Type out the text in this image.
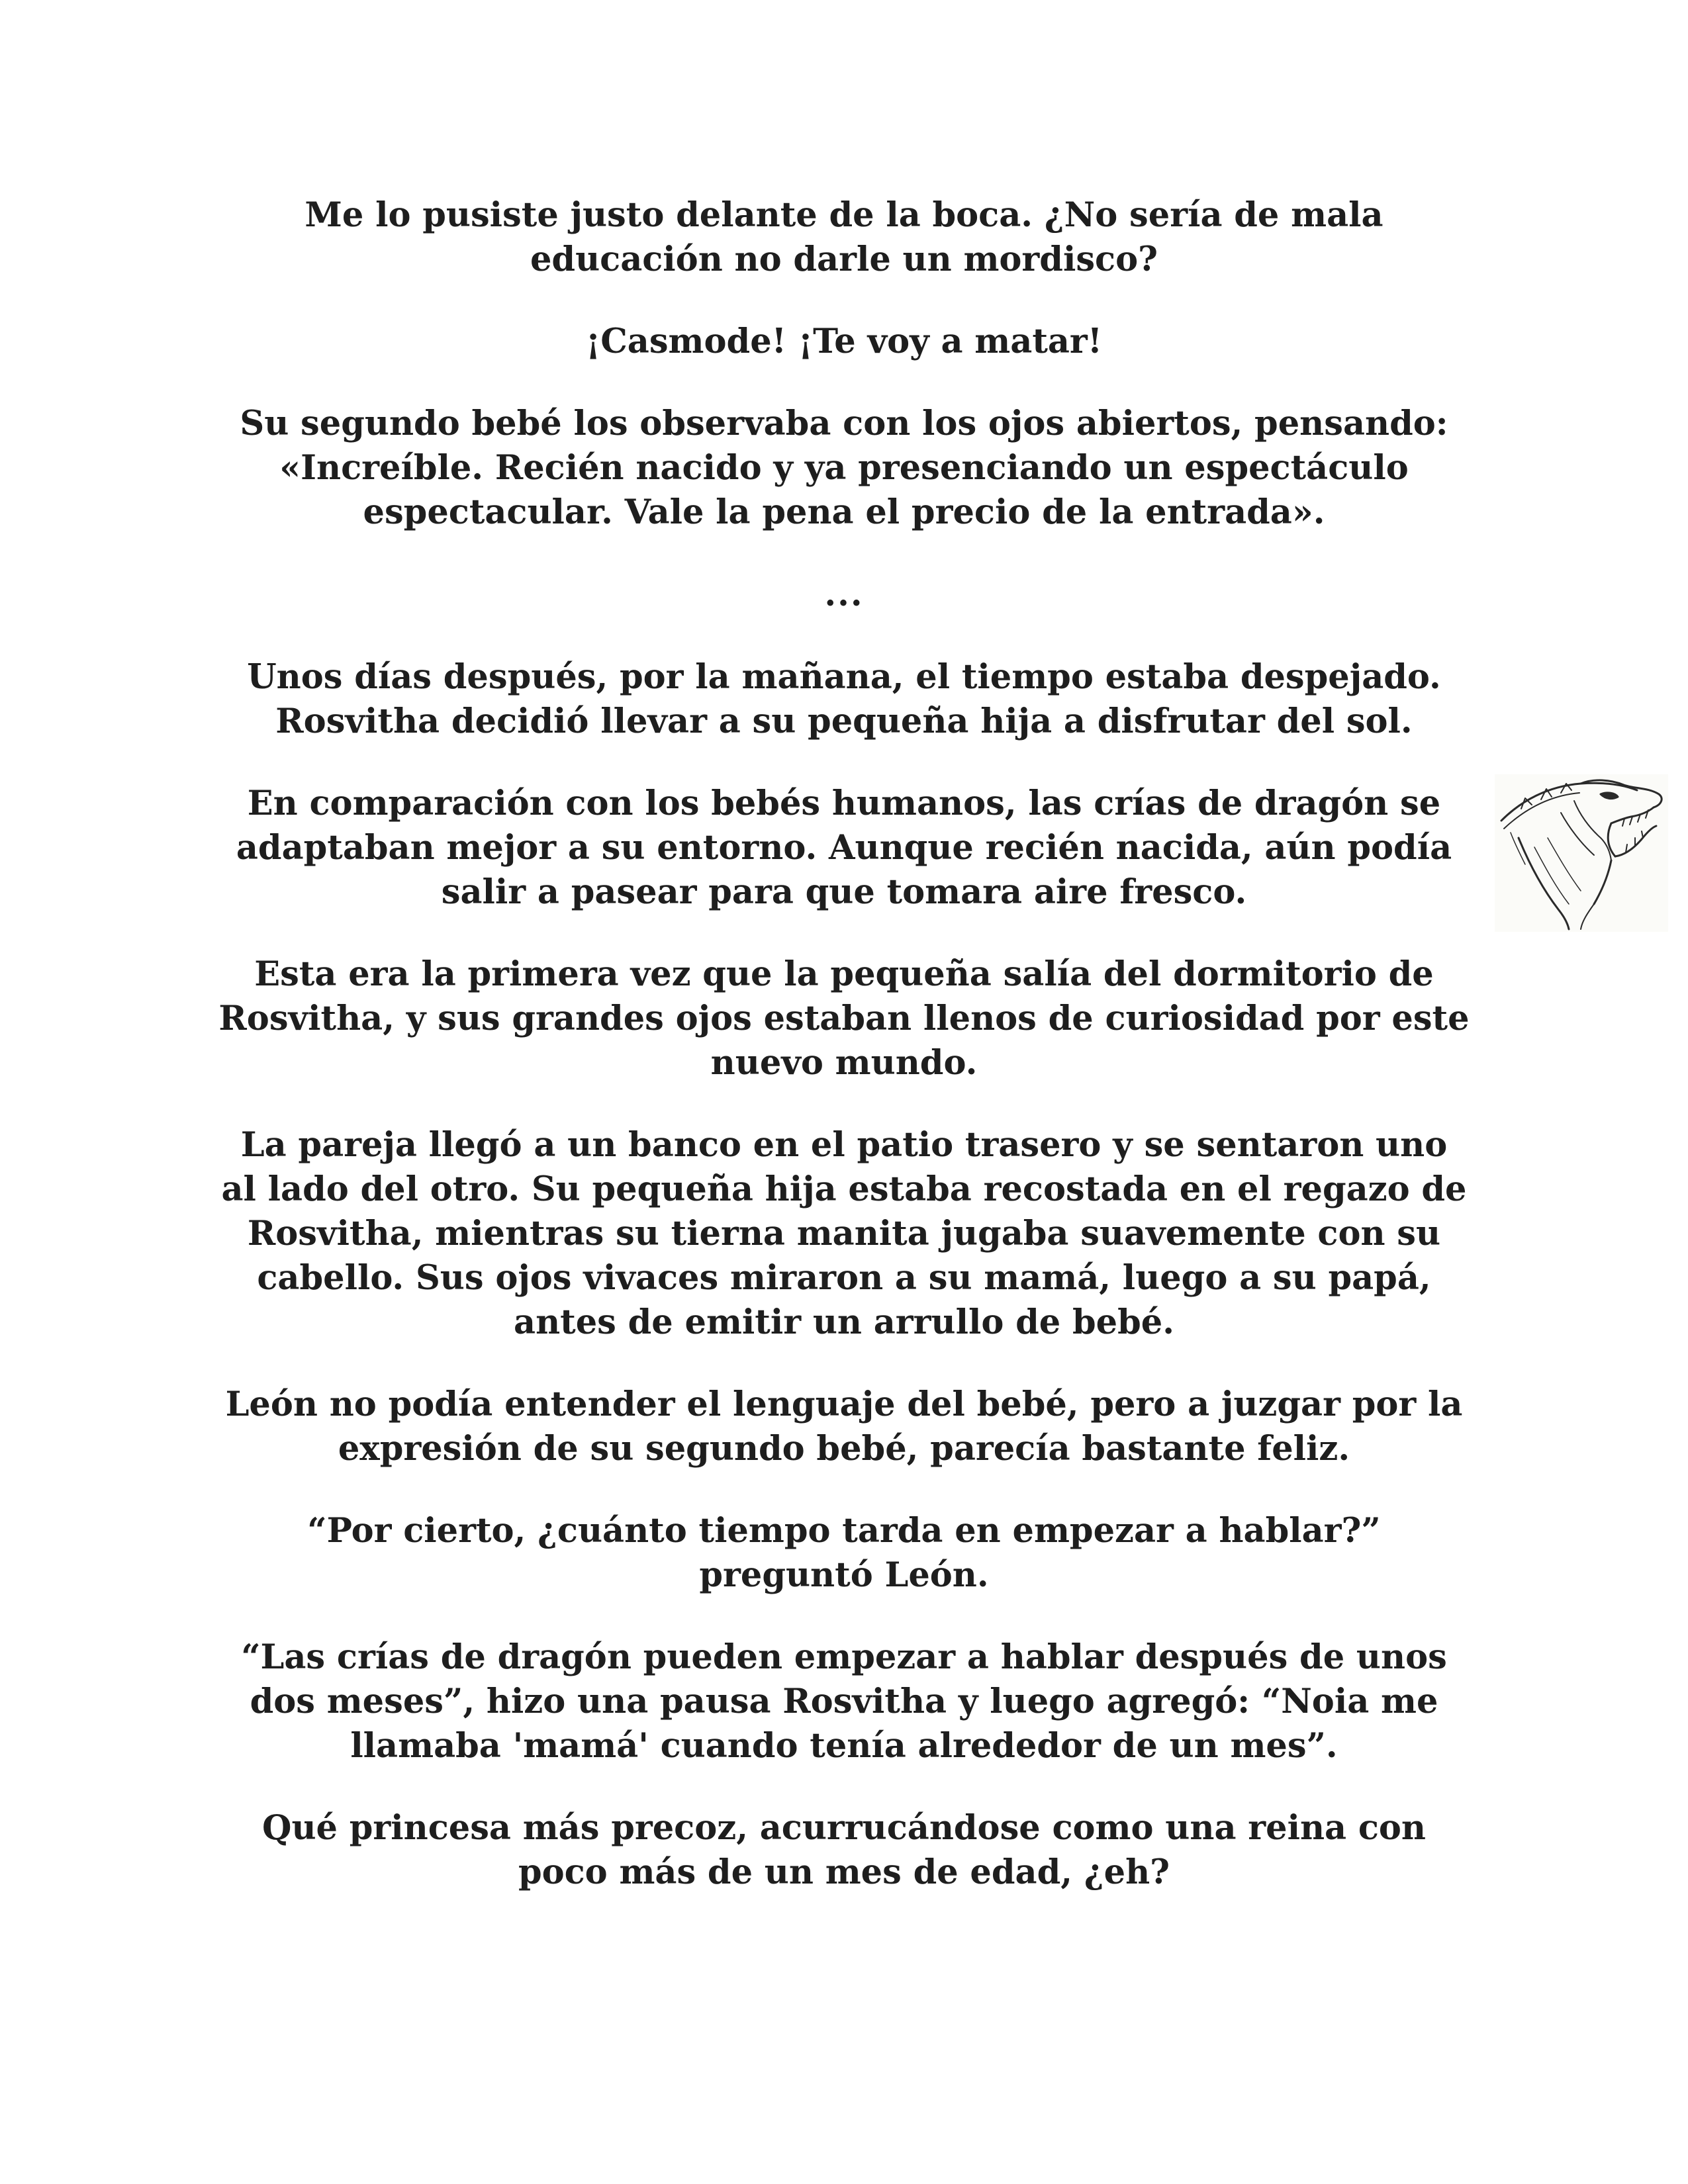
Me lo pusiste justo delante de la boca. ¿No sería de mala educación no darle un mordisco?

¡Casmode! ¡Te voy a matar!

Su segundo bebé los observaba con los ojos abiertos, pensando: «Increíble. Recién nacido y ya presenciando un espectáculo espectacular. Vale la pena el precio de la entrada».

...

Unos días después, por la mañana, el tiempo estaba despejado. Rosvitha decidió llevar a su pequeña hija a disfrutar del sol.

En comparación con los bebés humanos, las crías de dragón se adaptaban mejor a su entorno. Aunque recién nacida, aún podía salir a pasear para que tomara aire fresco.

Esta era la primera vez que la pequeña salía del dormitorio de Rosvitha, y sus grandes ojos estaban llenos de curiosidad por este nuevo mundo.

La pareja llegó a un banco en el patio trasero y se sentaron uno al lado del otro. Su pequeña hija estaba recostada en el regazo de Rosvitha, mientras su tierna manita jugaba suavemente con su cabello. Sus ojos vivaces miraron a su mamá, luego a su papá, antes de emitir un arrullo de bebé.

León no podía entender el lenguaje del bebé, pero a juzgar por la expresión de su segundo bebé, parecía bastante feliz.

“Por cierto, ¿cuánto tiempo tarda en empezar a hablar?” preguntó León.

“Las crías de dragón pueden empezar a hablar después de unos dos meses”, hizo una pausa Rosvitha y luego agregó: “Noia me llamaba 'mamá' cuando tenía alrededor de un mes”.

Qué princesa más precoz, acurrucándose como una reina con poco más de un mes de edad, ¿eh?
